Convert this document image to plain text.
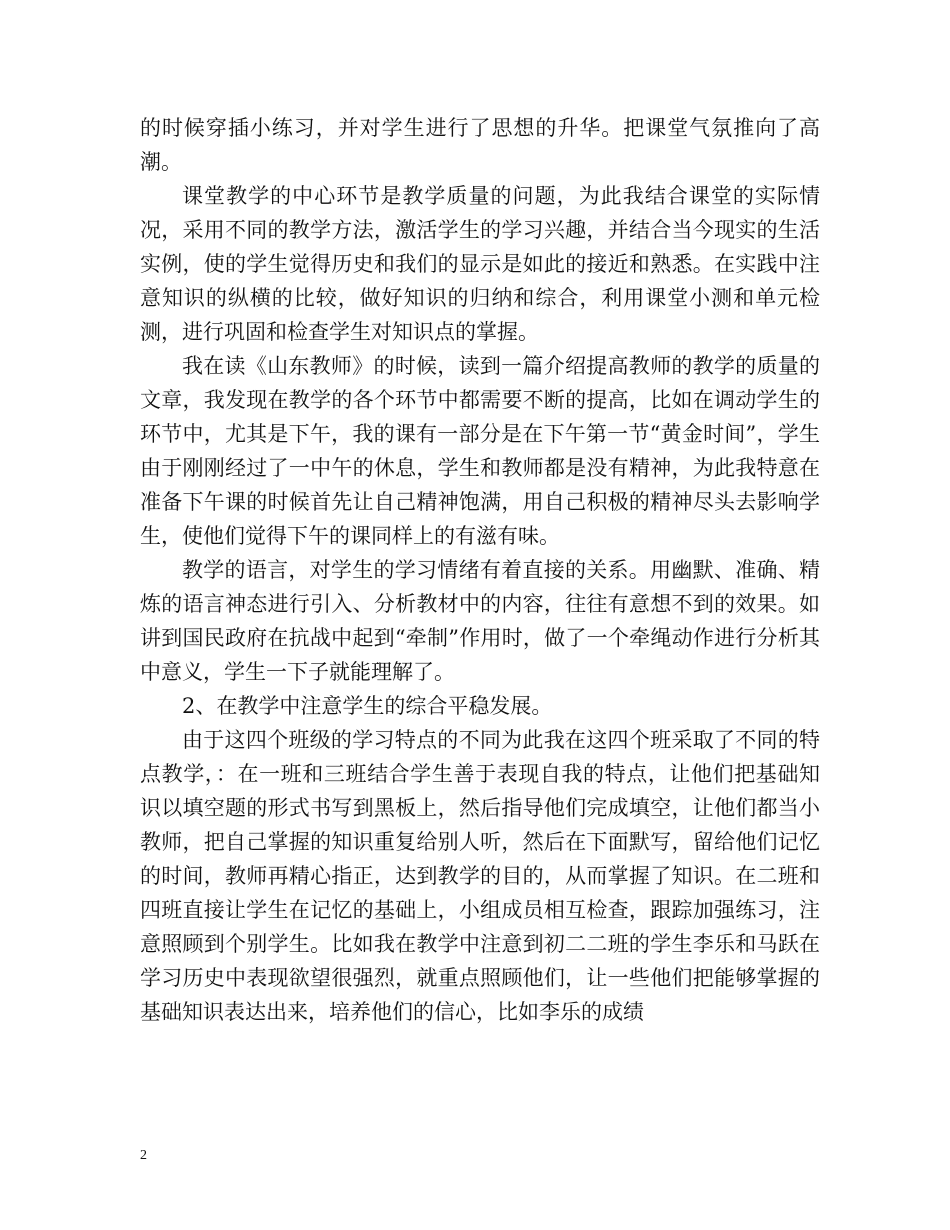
的时候穿插小练习，并对学生进行了思想的升华。把课堂气氛推向了高潮。

课堂教学的中心环节是教学质量的问题，为此我结合课堂的实际情况，采用不同的教学方法，激活学生的学习兴趣，并结合当今现实的生活实例，使的学生觉得历史和我们的显示是如此的接近和熟悉。在实践中注意知识的纵横的比较，做好知识的归纳和综合，利用课堂小测和单元检测，进行巩固和检查学生对知识点的掌握。

我在读《山东教师》的时候，读到一篇介绍提高教师的教学的质量的文章，我发现在教学的各个环节中都需要不断的提高，比如在调动学生的环节中，尤其是下午，我的课有一部分是在下午第一节“黄金时间”，学生由于刚刚经过了一中午的休息，学生和教师都是没有精神，为此我特意在准备下午课的时候首先让自己精神饱满，用自己积极的精神尽头去影响学生，使他们觉得下午的课同样上的有滋有味。

教学的语言，对学生的学习情绪有着直接的关系。用幽默、准确、精炼的语言神态进行引入、分析教材中的内容，往往有意想不到的效果。如讲到国民政府在抗战中起到“牵制”作用时，做了一个牵绳动作进行分析其中意义，学生一下子就能理解了。

2、在教学中注意学生的综合平稳发展。

由于这四个班级的学习特点的不同为此我在这四个班采取了不同的特点教学，：在一班和三班结合学生善于表现自我的特点，让他们把基础知识以填空题的形式书写到黑板上，然后指导他们完成填空，让他们都当小教师，把自己掌握的知识重复给别人听，然后在下面默写，留给他们记忆的时间，教师再精心指正，达到教学的目的，从而掌握了知识。在二班和四班直接让学生在记忆的基础上，小组成员相互检查，跟踪加强练习，注意照顾到个别学生。比如我在教学中注意到初二二班的学生李乐和马跃在学习历史中表现欲望很强烈，就重点照顾他们，让一些他们把能够掌握的基础知识表达出来，培养他们的信心，比如李乐的成绩

2
